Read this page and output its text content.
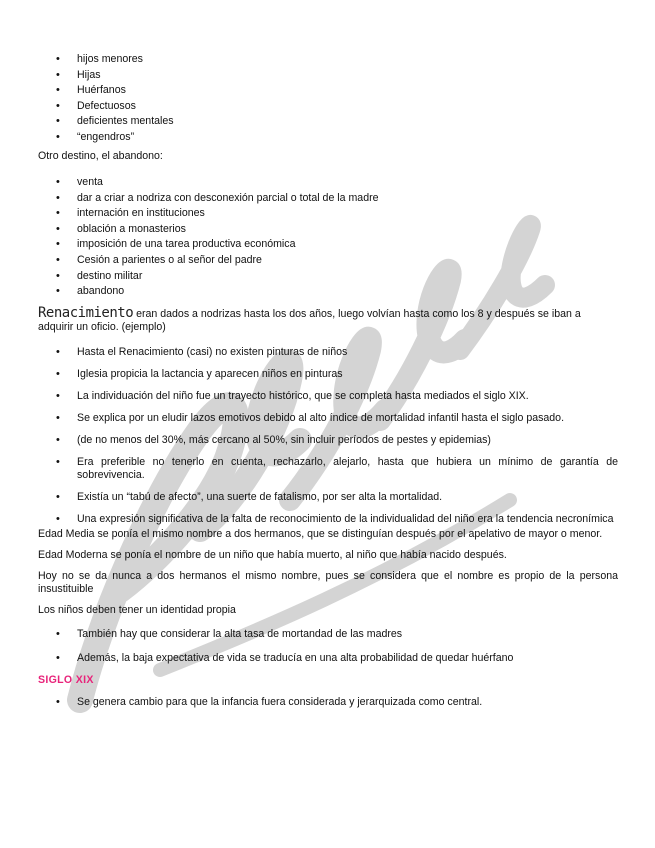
• hijos menores
• Hijas
• Huérfanos
• Defectuosos
• deficientes mentales
• “engendros”

Otro destino, el abandono:

• venta
• dar a criar a nodriza con desconexión parcial o total de la madre
• internación en instituciones
• oblación a monasterios
• imposición de una tarea productiva económica
• Cesión a parientes o al señor del padre
• destino militar
• abandono

Renacimiento eran dados a nodrizas hasta los dos años, luego volvían hasta como los 8 y después se iban a adquirir un oficio. (ejemplo)

• Hasta el Renacimiento (casi) no existen pinturas de niños
• Iglesia propicia la lactancia y aparecen niños en pinturas
• La individuación del niño fue un trayecto histórico, que se completa hasta mediados el siglo XIX.
• Se explica por un eludir lazos emotivos debido al alto índice de mortalidad infantil hasta el siglo pasado.
• (de no menos del 30%, más cercano al 50%, sin incluir períodos de pestes y epidemias)
• Era preferible no tenerlo en cuenta, rechazarlo, alejarlo, hasta que hubiera un mínimo de garantía de sobrevivencia.
• Existía un “tabú de afecto”, una suerte de fatalismo, por ser alta la mortalidad.
• Una expresión significativa de la falta de reconocimiento de la individualidad del niño era la tendencia necronímica

Edad Media se ponía el mismo nombre a dos hermanos, que se distinguían después por el apelativo de mayor o menor.

Edad Moderna se ponía el nombre de un niño que había muerto, al niño que había nacido después.

Hoy no se da nunca a dos hermanos el mismo nombre, pues se considera que el nombre es propio de la persona insustituible

Los niños deben tener un identidad propia

• También hay que considerar la alta tasa de mortandad de las madres
• Además, la baja expectativa de vida se traducía en una alta probabilidad de quedar huérfano

SIGLO XIX

• Se genera cambio para que la infancia fuera considerada y jerarquizada como central.
